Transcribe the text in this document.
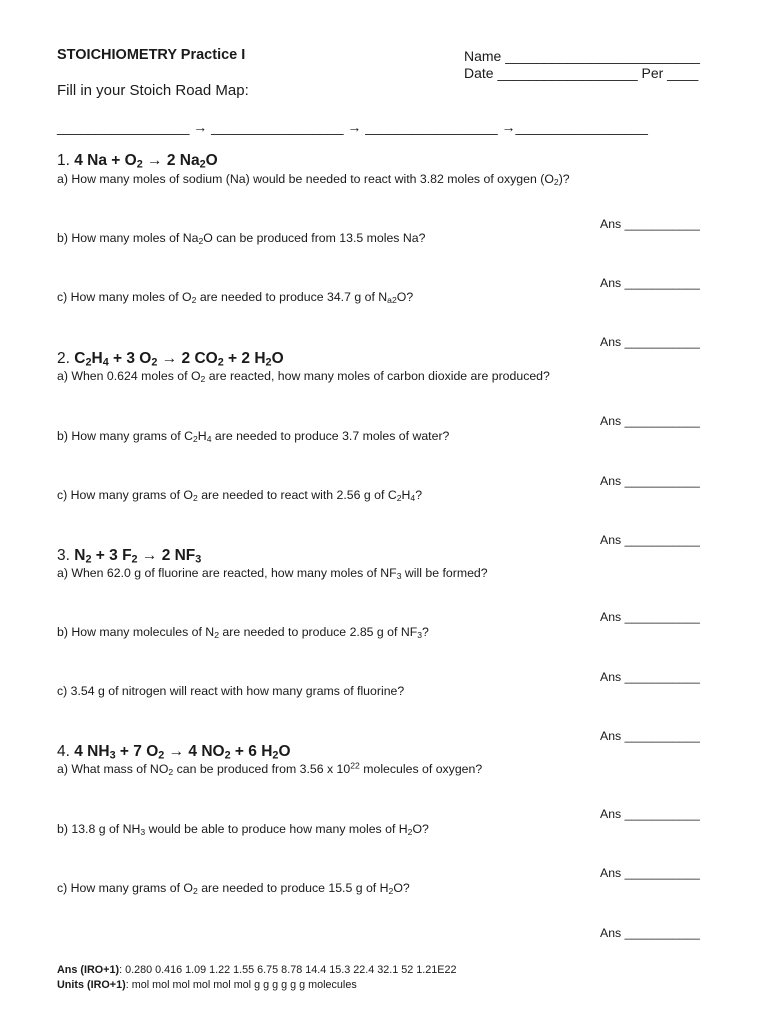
STOICHIOMETRY Practice I	Name _________________________
Date __________________ Per ____
Fill in your Stoich Road Map:
_________________ → _________________ → _________________ →_________________
1. 4 $Na + O_2 \to 2$ $Na_2O$
a) How many moles of sodium (Na) would be needed to react with 3.82 moles of oxygen $(O_2)$?
Ans ___________
b) How many moles of $Na_2O$ can be produced from 13.5 moles Na?
Ans ___________
c) How many moles of $O_2$ are needed to produce 34.7 g of $N_{a2}O$?
Ans ___________
2. $C_2H_4 + 3$ $O_2 \to 2$ $CO_2 + 2$ $H_2O$
a) When 0.624 moles of $O_2$ are reacted, how many moles of carbon dioxide are produced?
Ans ___________
b) How many grams of $C_2H_4$ are needed to produce 3.7 moles of water?
Ans ___________
c) How many grams of $O_2$ are needed to react with 2.56 g of $C_2H_4$?
Ans ___________
3. $N_2 + 3$ $F_2 \to 2$ $NF_3$
a) When 62.0 g of fluorine are reacted, how many moles of $NF_3$ will be formed?
Ans ___________
b) How many molecules of $N_2$ are needed to produce 2.85 g of $NF_3$?
Ans ___________
c) 3.54 g of nitrogen will react with how many grams of fluorine?
Ans ___________
4. 4 $NH_3 + 7$ $O_2 \to 4$ $NO_2 + 6$ $H_2O$
a) What mass of $NO_2$ can be produced from 3.56 x $10^{22}$ molecules of oxygen?
Ans ___________
b) 13.8 g of $NH_3$ would be able to produce how many moles of $H_2O$?
Ans ___________
c) How many grams of $O_2$ are needed to produce 15.5 g of $H_2O$?
Ans ___________
Ans (IRO+1): 0.280 0.416 1.09 1.22 1.55 6.75 8.78 14.4 15.3 22.4 32.1 52 1.21E22
Units (IRO+1): mol mol mol mol mol mol g g g g g g molecules
